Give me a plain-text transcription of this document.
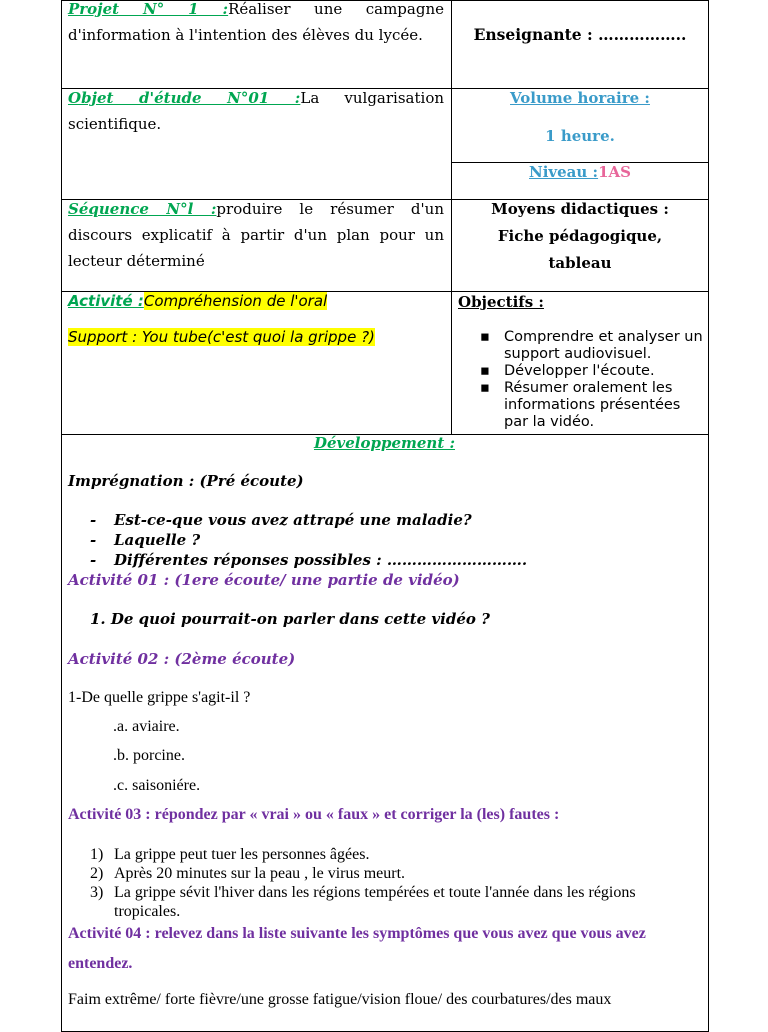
Projet N° 1 :Réaliser une campagne d'information à l'intention des élèves du lycée.	Enseignante : ……………..
Objet d'étude N°01 :La vulgarisation scientifique.
Volume horaire :
1 heure.
Niveau :1AS
Séquence N°l :produire le résumer d'un discours explicatif à partir d'un plan pour un lecteur déterminé
Moyens didactiques :
Fiche pédagogique,
tableau
Activité :Compréhension de l'oral
Support : You tube(c'est quoi la grippe ?)
Objectifs :
▪ Comprendre et analyser un support audiovisuel.
▪ Développer l'écoute.
▪ Résumer oralement les informations présentées par la vidéo.
Développement :
Imprégnation : (Pré écoute)
- Est-ce-que vous avez attrapé une maladie?
- Laquelle ?
- Différentes réponses possibles : ……………………….
Activité 01 : (1ere écoute/ une partie de vidéo)
1. De quoi pourrait-on parler dans cette vidéo ?
Activité 02 : (2ème écoute)
1-De quelle grippe s'agit-il ?
.a. aviaire.
.b. porcine.
.c. saisoniére.
Activité 03 : répondez par « vrai » ou « faux » et corriger la (les) fautes :
1) La grippe peut tuer les personnes âgées.
2) Après 20 minutes sur la peau , le virus meurt.
3) La grippe sévit l'hiver dans les régions tempérées et toute l'année dans les régions tropicales.
Activité 04 : relevez dans la liste suivante les symptômes que vous avez que vous avez entendez.
Faim extrême/ forte fièvre/une grosse fatigue/vision floue/ des courbatures/des maux
